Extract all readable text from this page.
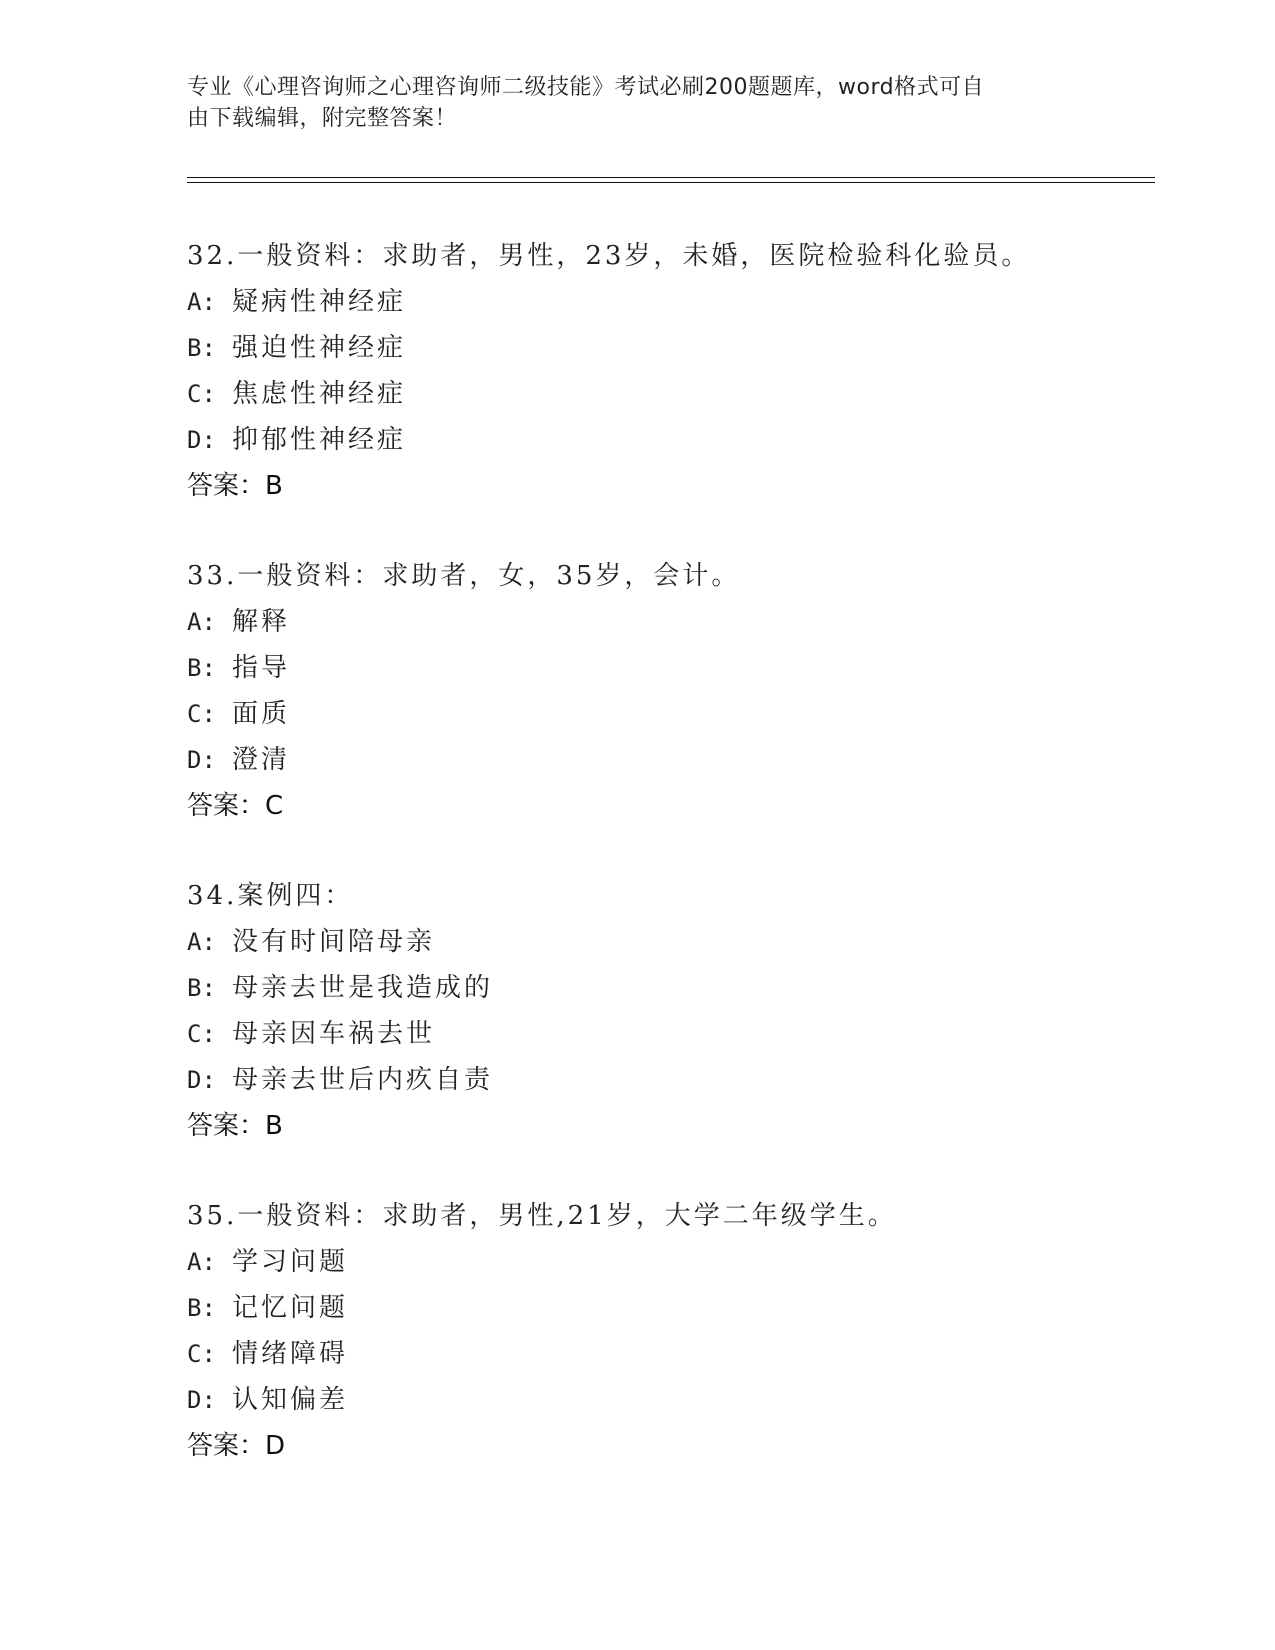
专业《心理咨询师之心理咨询师二级技能》考试必刷200题题库，word格式可自
由下载编辑，附完整答案！
32.一般资料：求助者，男性，23岁，未婚，医院检验科化验员。
A: 疑病性神经症
B: 强迫性神经症
C: 焦虑性神经症
D: 抑郁性神经症
答案：B
33.一般资料：求助者，女，35岁，会计。
A: 解释
B: 指导
C: 面质
D: 澄清
答案：C
34.案例四：
A: 没有时间陪母亲
B: 母亲去世是我造成的
C: 母亲因车祸去世
D: 母亲去世后内疚自责
答案：B
35.一般资料：求助者，男性,21岁，大学二年级学生。
A: 学习问题
B: 记忆问题
C: 情绪障碍
D: 认知偏差
答案：D
